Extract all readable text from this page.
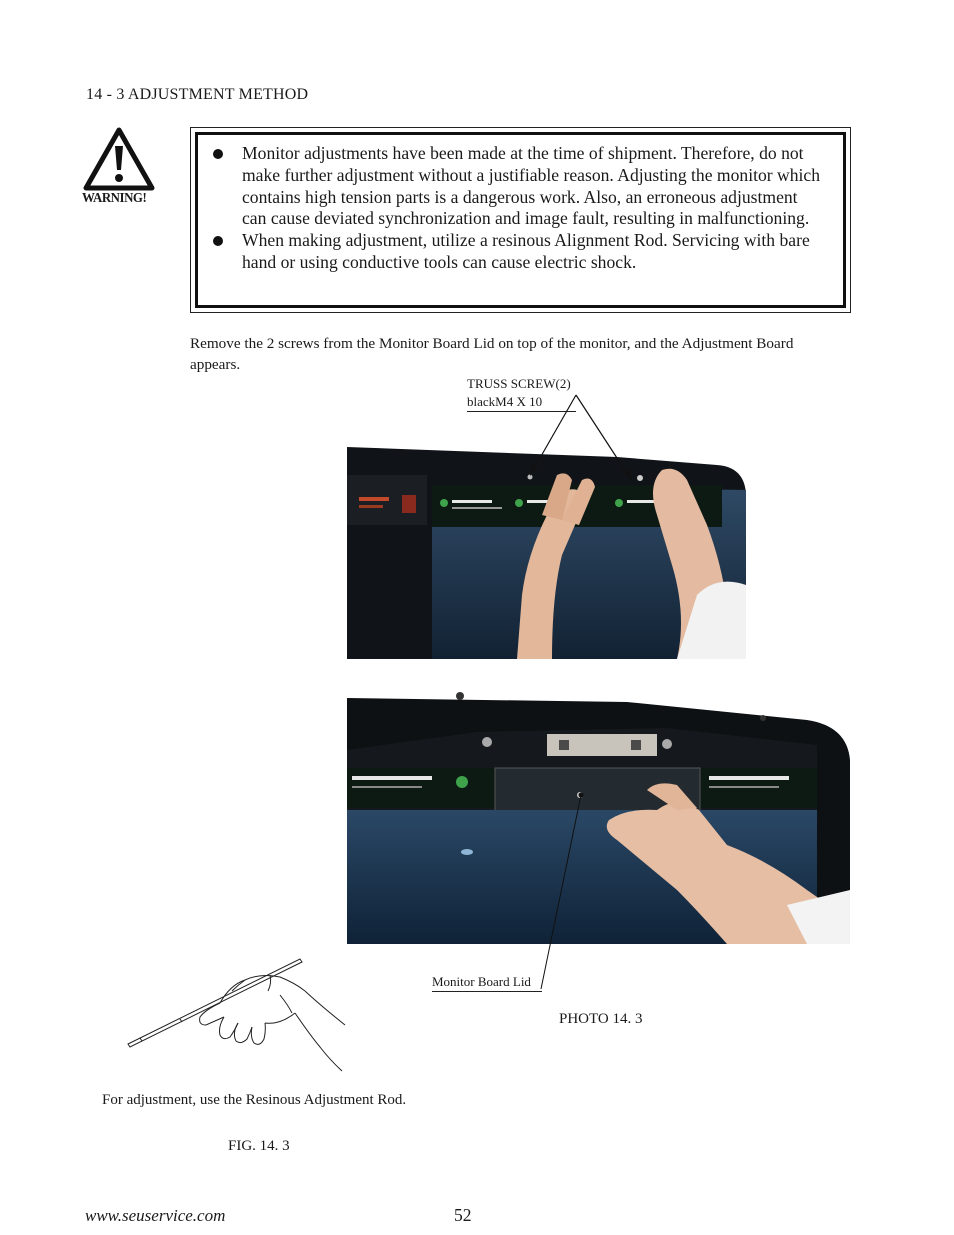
14 - 3 ADJUSTMENT METHOD
WARNING!
Monitor adjustments have been made at the time of shipment. Therefore, do not make further adjustment without a justifiable reason. Adjusting the monitor which contains high tension parts is a dangerous work. Also, an erroneous adjustment can cause deviated synchronization and image fault, resulting in malfunctioning.
When making adjustment, utilize a resinous Alignment Rod. Servicing with bare hand or using conductive tools can cause electric shock.
Remove the 2 screws from the Monitor Board Lid on top of the monitor, and the Adjustment Board appears.
TRUSS SCREW(2)
blackM4 X 10
Monitor Board Lid
PHOTO 14. 3
For adjustment, use the Resinous Adjustment Rod.
FIG. 14. 3
www.seuservice.com	52
